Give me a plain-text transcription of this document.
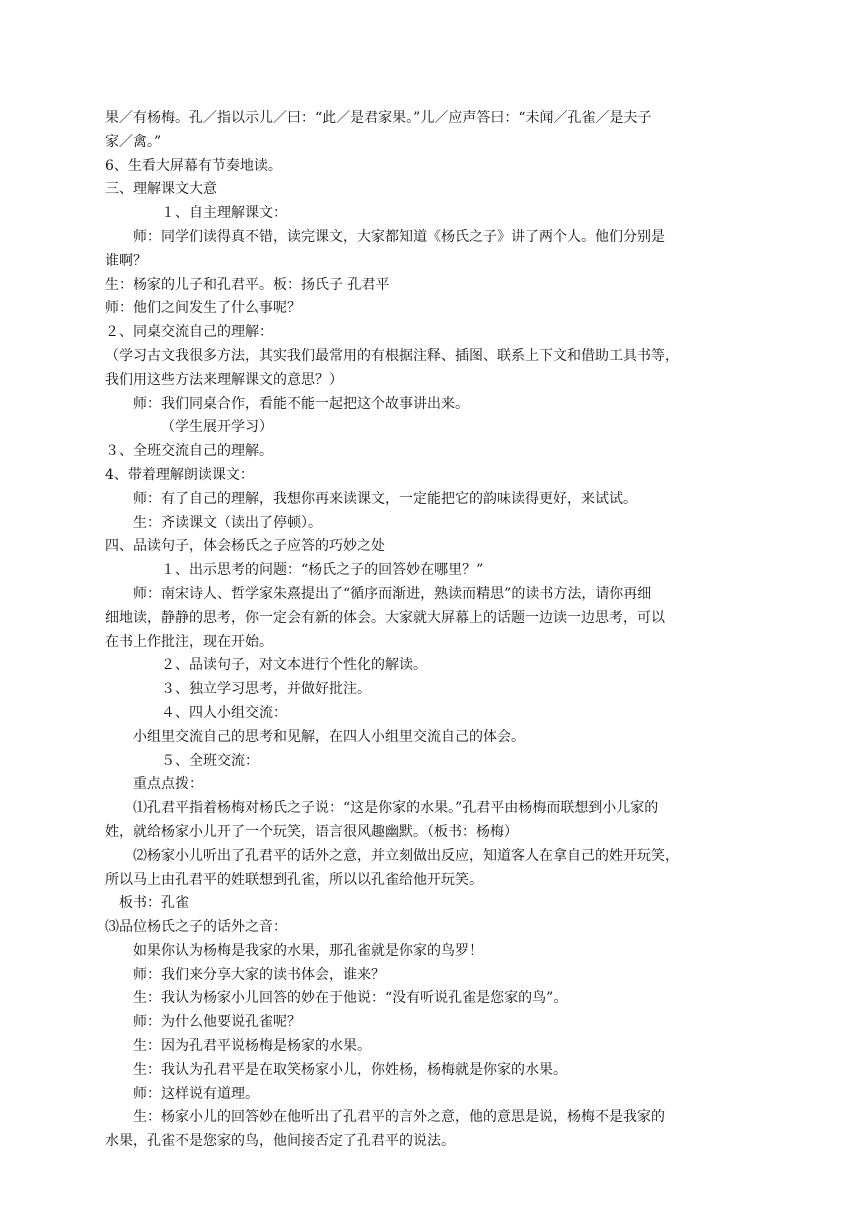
果／有杨梅。孔／指以示儿／曰：“此／是君家果。”儿／应声答曰：“未闻／孔雀／是夫子

家／禽。”

6、生看大屏幕有节奏地读。

三、理解课文大意

１、自主理解课文：

师：同学们读得真不错，读完课文，大家都知道《杨氏之子》讲了两个人。他们分别是

谁啊？

生：杨家的儿子和孔君平。板：扬氏子 孔君平

师：他们之间发生了什么事呢？

２、同桌交流自己的理解：

（学习古文我很多方法，其实我们最常用的有根据注释、插图、联系上下文和借助工具书等，

我们用这些方法来理解课文的意思？）

师：我们同桌合作，看能不能一起把这个故事讲出来。

（学生展开学习）

３、全班交流自己的理解。

4、带着理解朗读课文：

师：有了自己的理解，我想你再来读课文，一定能把它的韵味读得更好，来试试。

生：齐读课文（读出了停顿）。

四、品读句子，体会杨氏之子应答的巧妙之处

１、出示思考的问题：“杨氏之子的回答妙在哪里？”

师：南宋诗人、哲学家朱熹提出了“循序而渐进，熟读而精思”的读书方法，请你再细

细地读，静静的思考，你一定会有新的体会。大家就大屏幕上的话题一边读一边思考，可以

在书上作批注，现在开始。

２、品读句子，对文本进行个性化的解读。

３、独立学习思考，并做好批注。

４、四人小组交流：

小组里交流自己的思考和见解，在四人小组里交流自己的体会。

５、全班交流：

重点点拨：

⑴孔君平指着杨梅对杨氏之子说：“这是你家的水果。”孔君平由杨梅而联想到小儿家的

姓，就给杨家小儿开了一个玩笑，语言很风趣幽默。（板书：杨梅）

⑵杨家小儿听出了孔君平的话外之意，并立刻做出反应，知道客人在拿自己的姓开玩笑，

所以马上由孔君平的姓联想到孔雀，所以以孔雀给他开玩笑。

板书：孔雀

⑶品位杨氏之子的话外之音：

如果你认为杨梅是我家的水果，那孔雀就是你家的鸟罗！

师：我们来分享大家的读书体会，谁来？

生：我认为杨家小儿回答的妙在于他说：“没有听说孔雀是您家的鸟”。

师：为什么他要说孔雀呢？

生：因为孔君平说杨梅是杨家的水果。

生：我认为孔君平是在取笑杨家小儿，你姓杨，杨梅就是你家的水果。

师：这样说有道理。

生：杨家小儿的回答妙在他听出了孔君平的言外之意，他的意思是说，杨梅不是我家的

水果，孔雀不是您家的鸟，他间接否定了孔君平的说法。
